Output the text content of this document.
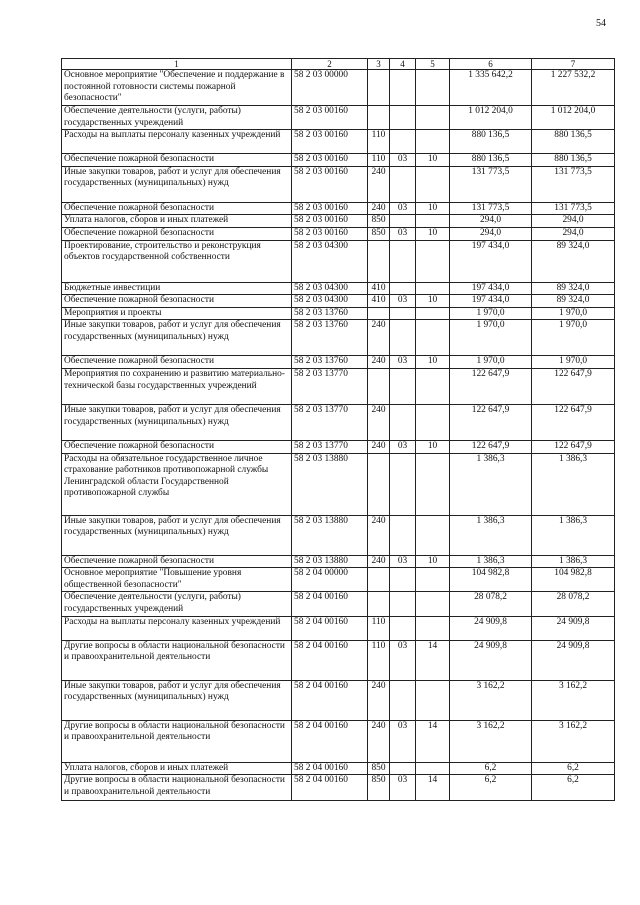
54
1	2	3	4	5	6	7
Основное мероприятие "Обеспечение и поддержание в постоянной готовности системы пожарной безопасности"	58 2 03 00000				1 335 642,2	1 227 532,2
Обеспечение деятельности (услуги, работы) государственных учреждений	58 2 03 00160				1 012 204,0	1 012 204,0
Расходы на выплаты персоналу казенных учреждений	58 2 03 00160	110			880 136,5	880 136,5
Обеспечение пожарной безопасности	58 2 03 00160	110	03	10	880 136,5	880 136,5
Иные закупки товаров, работ и услуг для обеспечения государственных (муниципальных) нужд	58 2 03 00160	240			131 773,5	131 773,5
Обеспечение пожарной безопасности	58 2 03 00160	240	03	10	131 773,5	131 773,5
Уплата налогов, сборов и иных платежей	58 2 03 00160	850			294,0	294,0
Обеспечение пожарной безопасности	58 2 03 00160	850	03	10	294,0	294,0
Проектирование, строительство и реконструкция объектов государственной собственности	58 2 03 04300				197 434,0	89 324,0
Бюджетные инвестиции	58 2 03 04300	410			197 434,0	89 324,0
Обеспечение пожарной безопасности	58 2 03 04300	410	03	10	197 434,0	89 324,0
Мероприятия и проекты	58 2 03 13760				1 970,0	1 970,0
Иные закупки товаров, работ и услуг для обеспечения государственных (муниципальных) нужд	58 2 03 13760	240			1 970,0	1 970,0
Обеспечение пожарной безопасности	58 2 03 13760	240	03	10	1 970,0	1 970,0
Мероприятия по сохранению и развитию материально-технической базы государственных учреждений	58 2 03 13770				122 647,9	122 647,9
Иные закупки товаров, работ и услуг для обеспечения государственных (муниципальных) нужд	58 2 03 13770	240			122 647,9	122 647,9
Обеспечение пожарной безопасности	58 2 03 13770	240	03	10	122 647,9	122 647,9
Расходы на обязательное государственное личное страхование работников противопожарной службы Ленинградской области Государственной противопожарной службы	58 2 03 13880				1 386,3	1 386,3
Иные закупки товаров, работ и услуг для обеспечения государственных (муниципальных) нужд	58 2 03 13880	240			1 386,3	1 386,3
Обеспечение пожарной безопасности	58 2 03 13880	240	03	10	1 386,3	1 386,3
Основное мероприятие "Повышение уровня общественной безопасности"	58 2 04 00000				104 982,8	104 982,8
Обеспечение деятельности (услуги, работы) государственных учреждений	58 2 04 00160				28 078,2	28 078,2
Расходы на выплаты персоналу казенных учреждений	58 2 04 00160	110			24 909,8	24 909,8
Другие вопросы в области национальной безопасности и правоохранительной деятельности	58 2 04 00160	110	03	14	24 909,8	24 909,8
Иные закупки товаров, работ и услуг для обеспечения государственных (муниципальных) нужд	58 2 04 00160	240			3 162,2	3 162,2
Другие вопросы в области национальной безопасности и правоохранительной деятельности	58 2 04 00160	240	03	14	3 162,2	3 162,2
Уплата налогов, сборов и иных платежей	58 2 04 00160	850			6,2	6,2
Другие вопросы в области национальной безопасности и правоохранительной деятельности	58 2 04 00160	850	03	14	6,2	6,2
